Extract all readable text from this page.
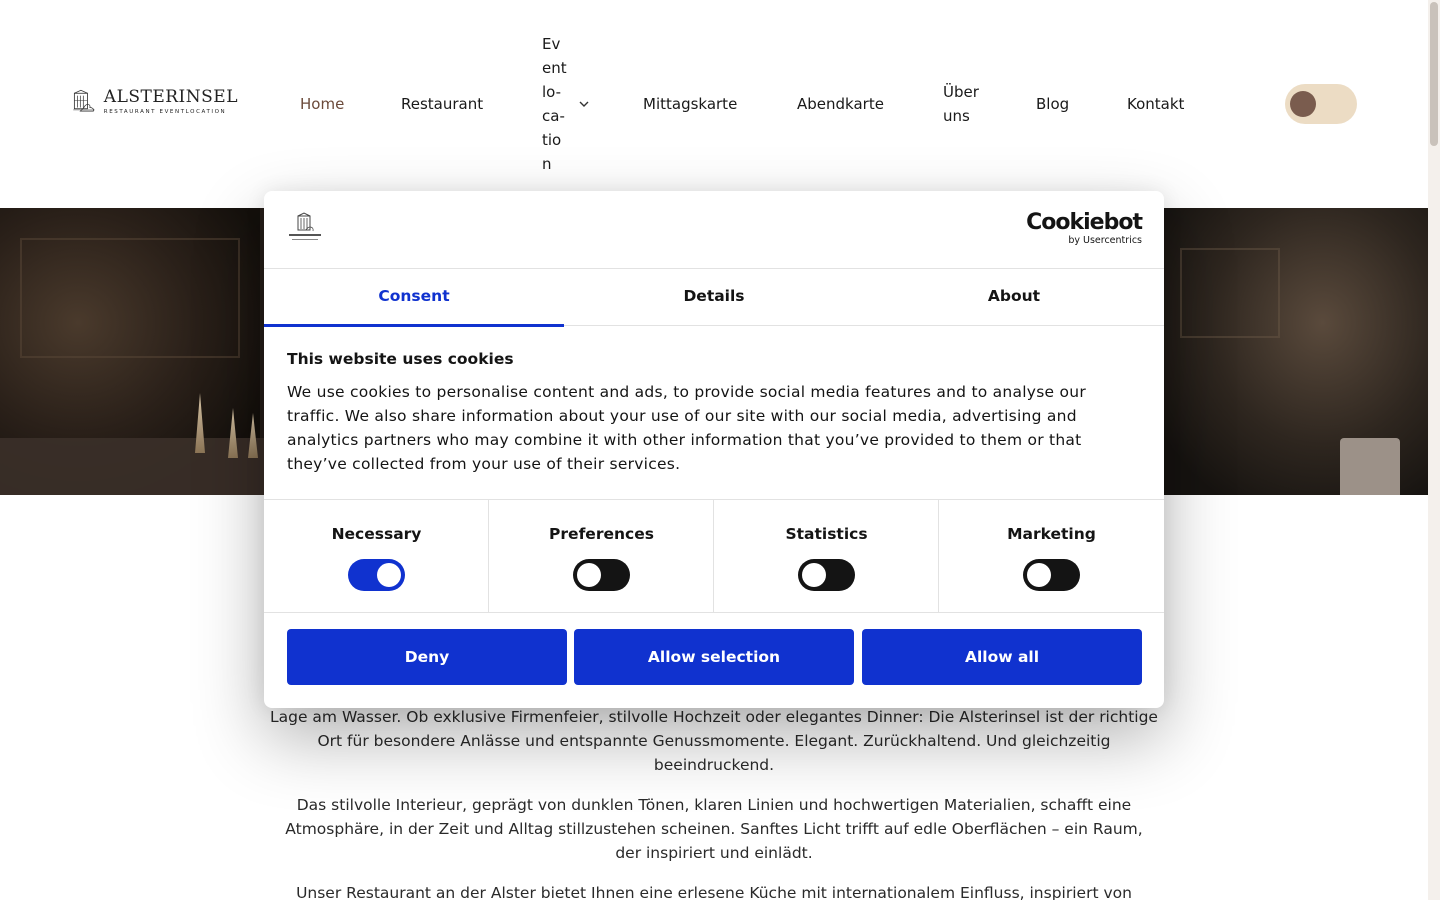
ALSTERINSEL
RESTAURANT EVENTLOCATION	Home	Restaurant
Ev
ent
lo-
ca-
tio
n
Mittagskarte	Abendkarte
Über
uns
Blog	Kontakt

Lage am Wasser. Ob exklusive Firmenfeier, stilvolle Hochzeit oder elegantes Dinner: Die Alsterinsel ist der richtige Ort für besondere Anlässe und entspannte Genussmomente. Elegant. Zurückhaltend. Und gleichzeitig beeindruckend.

Das stilvolle Interieur, geprägt von dunklen Tönen, klaren Linien und hochwertigen Materialien, schafft eine Atmosphäre, in der Zeit und Alltag stillzustehen scheinen. Sanftes Licht trifft auf edle Oberflächen – ein Raum, der inspiriert und einlädt.

Unser Restaurant an der Alster bietet Ihnen eine erlesene Küche mit internationalem Einfluss, inspiriert von

Cookiebot
by Usercentrics
Consent	Details	About
This website uses cookies
We use cookies to personalise content and ads, to provide social media features and to analyse our traffic. We also share information about your use of our site with our social media, advertising and analytics partners who may combine it with other information that you’ve provided to them or that they’ve collected from your use of their services.
Necessary	Preferences	Statistics	Marketing
Deny	Allow selection	Allow all
